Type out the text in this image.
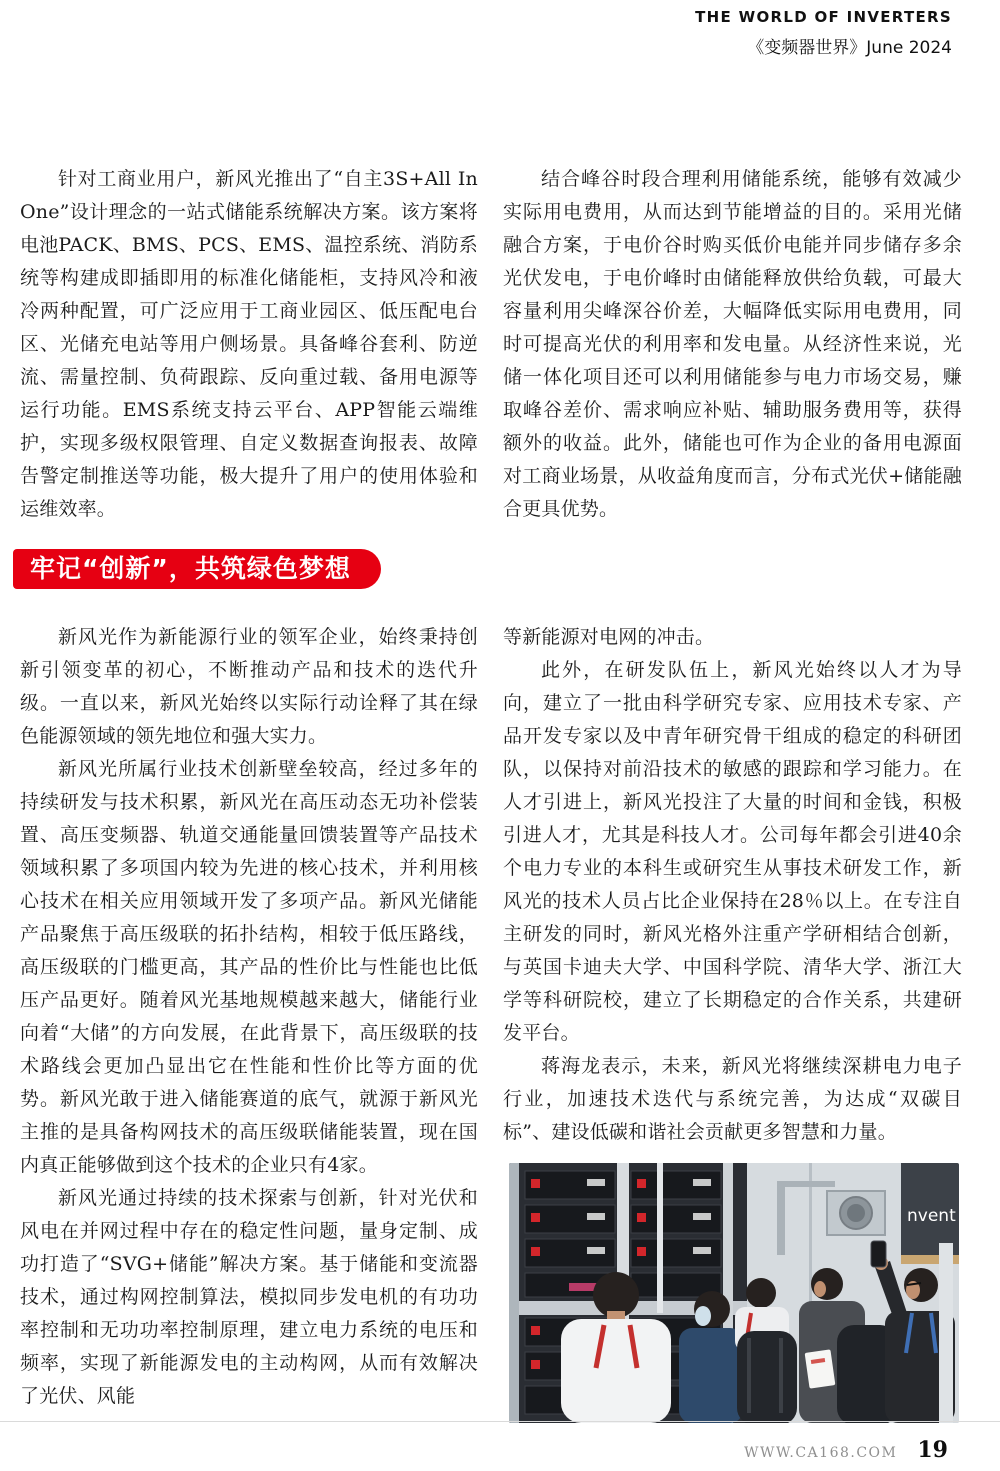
THE WORLD OF INVERTERS
《变频器世界》June 2024

针对工商业用户，新风光推出了“自主3S+All In One”设计理念的一站式储能系统解决方案。该方案将电池PACK、BMS、PCS、EMS、温控系统、消防系统等构建成即插即用的标准化储能柜，支持风冷和液冷两种配置，可广泛应用于工商业园区、低压配电台区、光储充电站等用户侧场景。具备峰谷套利、防逆流、需量控制、负荷跟踪、反向重过载、备用电源等运行功能。EMS系统支持云平台、APP智能云端维护，实现多级权限管理、自定义数据查询报表、故障告警定制推送等功能，极大提升了用户的使用体验和运维效率。

结合峰谷时段合理利用储能系统，能够有效减少实际用电费用，从而达到节能增益的目的。采用光储融合方案，于电价谷时购买低价电能并同步储存多余光伏发电，于电价峰时由储能释放供给负载，可最大容量利用尖峰深谷价差，大幅降低实际用电费用，同时可提高光伏的利用率和发电量。从经济性来说，光储一体化项目还可以利用储能参与电力市场交易，赚取峰谷差价、需求响应补贴、辅助服务费用等，获得额外的收益。此外，储能也可作为企业的备用电源面对工商业场景，从收益角度而言，分布式光伏+储能融合更具优势。

牢记“创新”，共筑绿色梦想

新风光作为新能源行业的领军企业，始终秉持创新引领变革的初心，不断推动产品和技术的迭代升级。一直以来，新风光始终以实际行动诠释了其在绿色能源领域的领先地位和强大实力。

新风光所属行业技术创新壁垒较高，经过多年的持续研发与技术积累，新风光在高压动态无功补偿装置、高压变频器、轨道交通能量回馈装置等产品技术领域积累了多项国内较为先进的核心技术，并利用核心技术在相关应用领域开发了多项产品。新风光储能产品聚焦于高压级联的拓扑结构，相较于低压路线，高压级联的门槛更高，其产品的性价比与性能也比低压产品更好。随着风光基地规模越来越大，储能行业向着“大储”的方向发展，在此背景下，高压级联的技术路线会更加凸显出它在性能和性价比等方面的优势。新风光敢于进入储能赛道的底气，就源于新风光主推的是具备构网技术的高压级联储能装置，现在国内真正能够做到这个技术的企业只有4家。

新风光通过持续的技术探索与创新，针对光伏和风电在并网过程中存在的稳定性问题，量身定制、成功打造了“SVG+储能”解决方案。基于储能和变流器技术，通过构网控制算法，模拟同步发电机的有功功率控制和无功功率控制原理，建立电力系统的电压和频率，实现了新能源发电的主动构网，从而有效解决了光伏、风能

等新能源对电网的冲击。

此外，在研发队伍上，新风光始终以人才为导向，建立了一批由科学研究专家、应用技术专家、产品开发专家以及中青年研究骨干组成的稳定的科研团队，以保持对前沿技术的敏感的跟踪和学习能力。在人才引进上，新风光投注了大量的时间和金钱，积极引进人才，尤其是科技人才。公司每年都会引进40余个电力专业的本科生或研究生从事技术研发工作，新风光的技术人员占比企业保持在28％以上。在专注自主研发的同时，新风光格外注重产学研相结合创新，与英国卡迪夫大学、中国科学院、清华大学、浙江大学等科研院校，建立了长期稳定的合作关系，共建研发平台。

蒋海龙表示，未来，新风光将继续深耕电力电子行业，加速技术迭代与系统完善，为达成“双碳目标”、建设低碳和谐社会贡献更多智慧和力量。

nvent
WWW.CA168.COM 19
